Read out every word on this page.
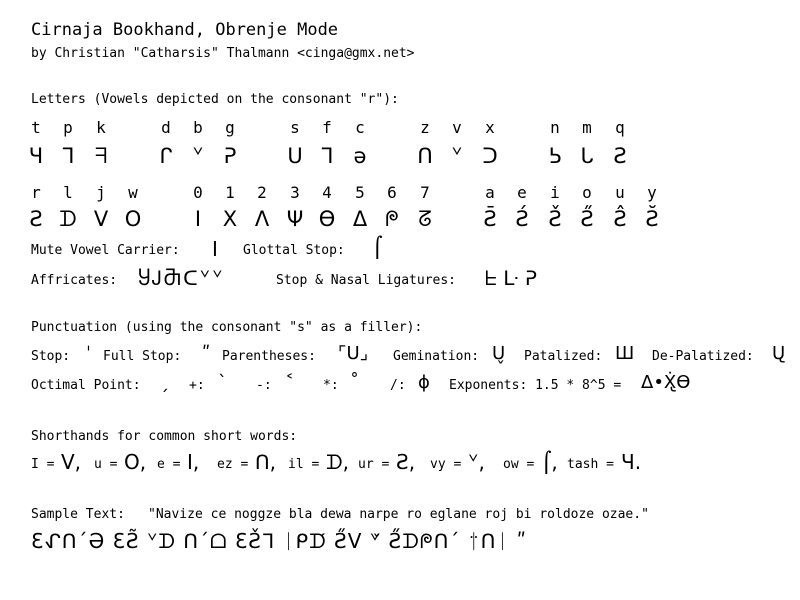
Cirnaja Bookhand, Obrenje Mode
by Christian "Catharsis" Thalmann <cinga@gmx.net>
Letters (Vowels depicted on the consonant "r"):
t p k	d b g	s f c	z v x	n m q
Ч ᒣ ᖷ ᒋ ᘁ ᕈ ᑌ ᒣ ə ᑎ ᘁ ᑐ ᕊ ᒐ Ƨ
r l j w	0 1 2 3 4 5 6 7	a e i o u y
Ƨ ᗪ V O	I X Λ Ψ Ɵ Δ ᖘ ᘔ Ƨ̄ Ƨ́ Ƨ̌ Ƨ̋ Ƨ̂ Ƨ̆
Mute Vowel Carrier: I Glottal Stop: ⌠
Affricates: ႸᎫႫᑕᘁᘁ	Stop & Nasal Ligatures: ᖶ ᒷ ᕈ
Punctuation (using the consonant "s" as a filler):
Stop: ˈ Full Stop: ʺ Parentheses: ⌜ᑌ⌟ Gemination: ᑌ̬ Patalized: Ш De-Palatized: ᑌ̢
Octimal Point: ˏ +: ˋ -: ˂ *: ˚ /: ɸ Exponents: 1.5 * 8^5 = Δ•Ẋ̢ϴ
Shorthands for common short words:
I = V, u = O, e = I, ez = ᑎ, il = ᗪ, ur = Ƨ, vy = ᘁ, ow = ⌠, tash = Ч.
Sample Text: "Navize ce noggze bla dewa narpe ro eglane roj bi roldoze ozae."
ƐᖋᑎˊƏ ƐƧ̃ ᘁᗪ ᑎˊᗝ ƐƧ̌ᒣ ᛁᑭᗪ́ Ƨ̋V ᘁ̌ Ƨ̋ᗪᖘᑎˊ ᛁ̈ᑎᛁ ʺ
